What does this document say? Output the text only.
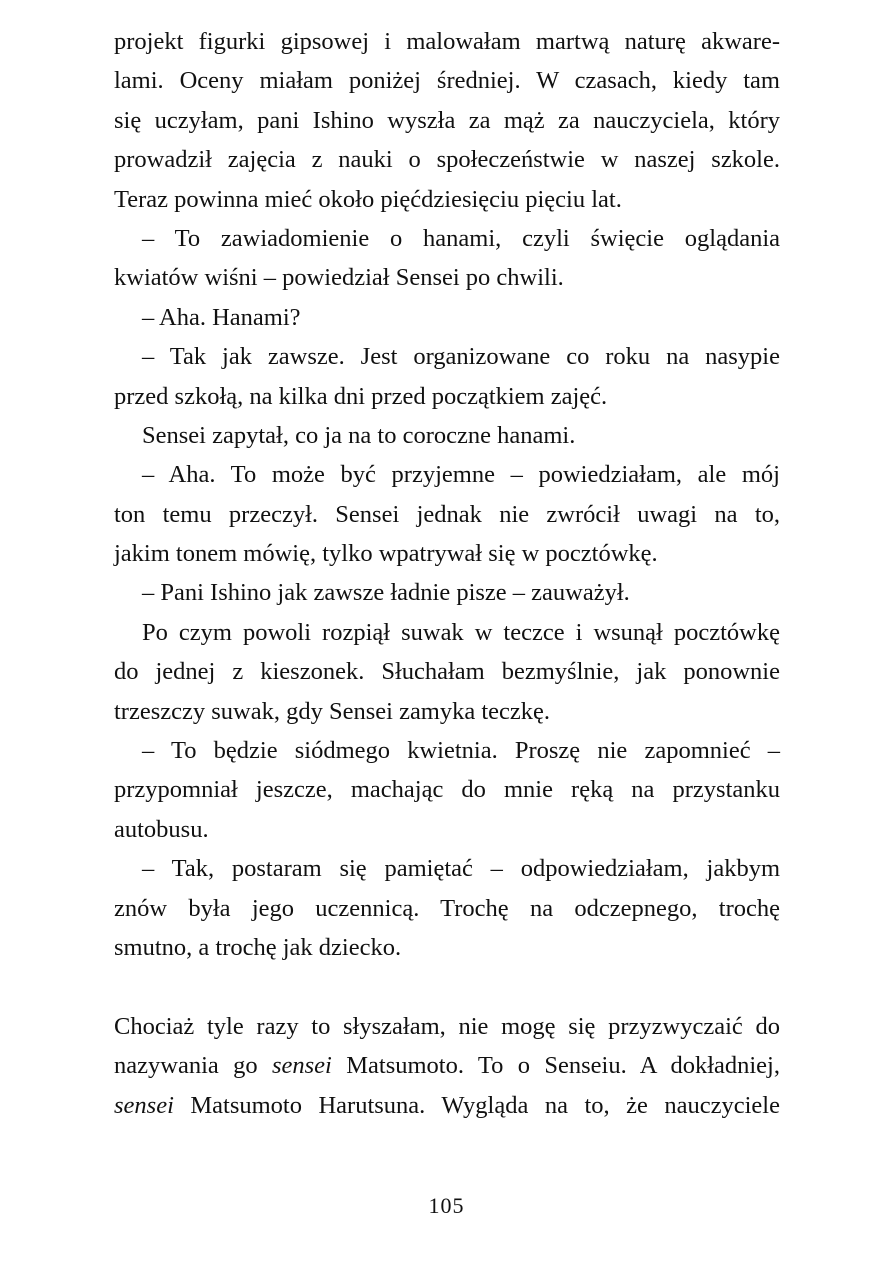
projekt figurki gipsowej i malowałam martwą naturę akware-
lami. Oceny miałam poniżej średniej. W czasach, kiedy tam
się uczyłam, pani Ishino wyszła za mąż za nauczyciela, który
prowadził zajęcia z nauki o społeczeństwie w naszej szkole.
Teraz powinna mieć około pięćdziesięciu pięciu lat.
– To zawiadomienie o hanami, czyli święcie oglądania
kwiatów wiśni – powiedział Sensei po chwili.
– Aha. Hanami?
– Tak jak zawsze. Jest organizowane co roku na nasypie
przed szkołą, na kilka dni przed początkiem zajęć.
Sensei zapytał, co ja na to coroczne hanami.
– Aha. To może być przyjemne – powiedziałam, ale mój
ton temu przeczył. Sensei jednak nie zwrócił uwagi na to,
jakim tonem mówię, tylko wpatrywał się w pocztówkę.
– Pani Ishino jak zawsze ładnie pisze – zauważył.
Po czym powoli rozpiął suwak w teczce i wsunął pocztówkę
do jednej z kieszonek. Słuchałam bezmyślnie, jak ponownie
trzeszczy suwak, gdy Sensei zamyka teczkę.
– To będzie siódmego kwietnia. Proszę nie zapomnieć –
przypomniał jeszcze, machając do mnie ręką na przystanku
autobusu.
– Tak, postaram się pamiętać – odpowiedziałam, jakbym
znów była jego uczennicą. Trochę na odczepnego, trochę
smutno, a trochę jak dziecko.
Chociaż tyle razy to słyszałam, nie mogę się przyzwyczaić do
nazywania go sensei Matsumoto. To o Senseiu. A dokładniej,
sensei Matsumoto Harutsuna. Wygląda na to, że nauczyciele
105
